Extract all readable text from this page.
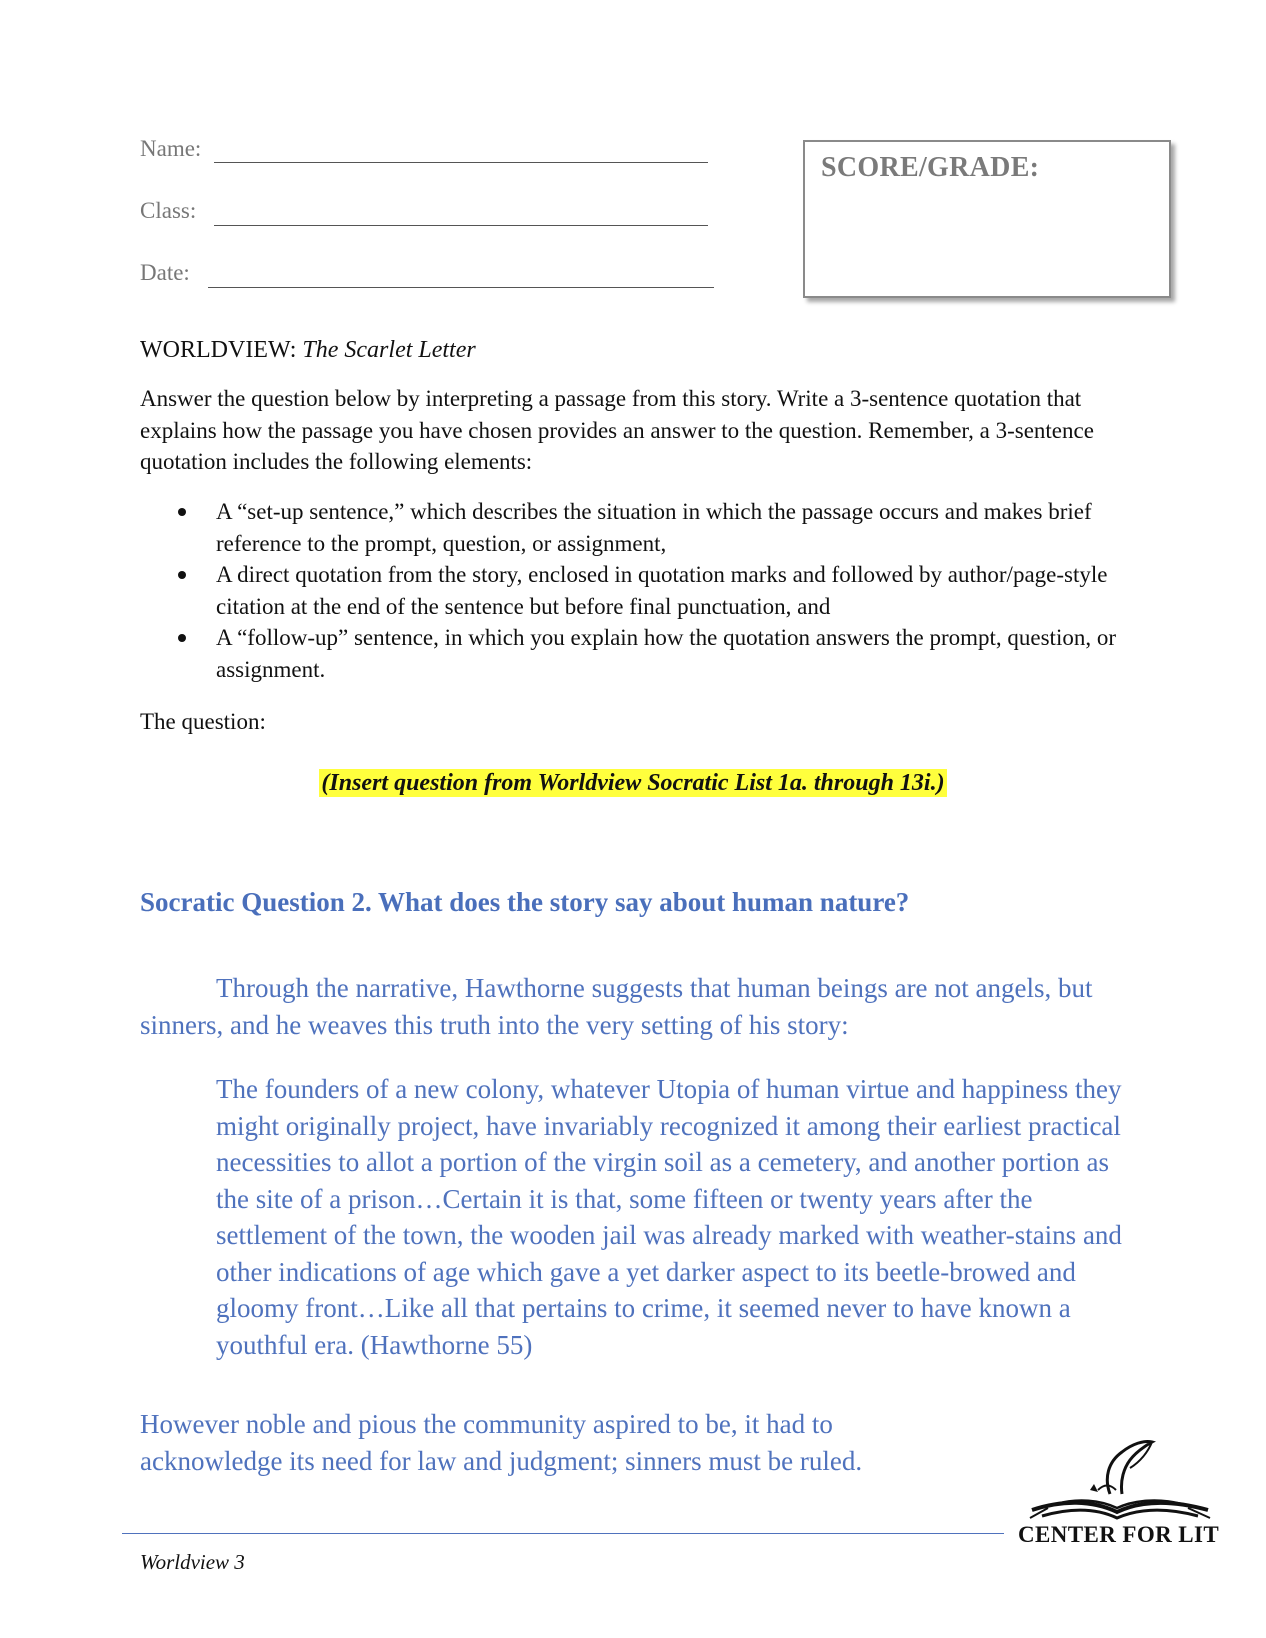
Name:
Class:
Date:
SCORE/GRADE:
WORLDVIEW: The Scarlet Letter
Answer the question below by interpreting a passage from this story. Write a 3-sentence quotation that explains how the passage you have chosen provides an answer to the question. Remember, a 3-sentence quotation includes the following elements:
A “set-up sentence,” which describes the situation in which the passage occurs and makes brief reference to the prompt, question, or assignment,
A direct quotation from the story, enclosed in quotation marks and followed by author/page-style citation at the end of the sentence but before final punctuation, and
A “follow-up” sentence, in which you explain how the quotation answers the prompt, question, or assignment.
The question:
(Insert question from Worldview Socratic List 1a. through 13i.)
Socratic Question 2. What does the story say about human nature?
Through the narrative, Hawthorne suggests that human beings are not angels, but sinners, and he weaves this truth into the very setting of his story:
The founders of a new colony, whatever Utopia of human virtue and happiness they might originally project, have invariably recognized it among their earliest practical necessities to allot a portion of the virgin soil as a cemetery, and another portion as the site of a prison…Certain it is that, some fifteen or twenty years after the settlement of the town, the wooden jail was already marked with weather-stains and other indications of age which gave a yet darker aspect to its beetle-browed and gloomy front…Like all that pertains to crime, it seemed never to have known a youthful era. (Hawthorne 55)
However noble and pious the community aspired to be, it had to acknowledge its need for law and judgment; sinners must be ruled.
Worldview 3
CENTER FOR LIT
